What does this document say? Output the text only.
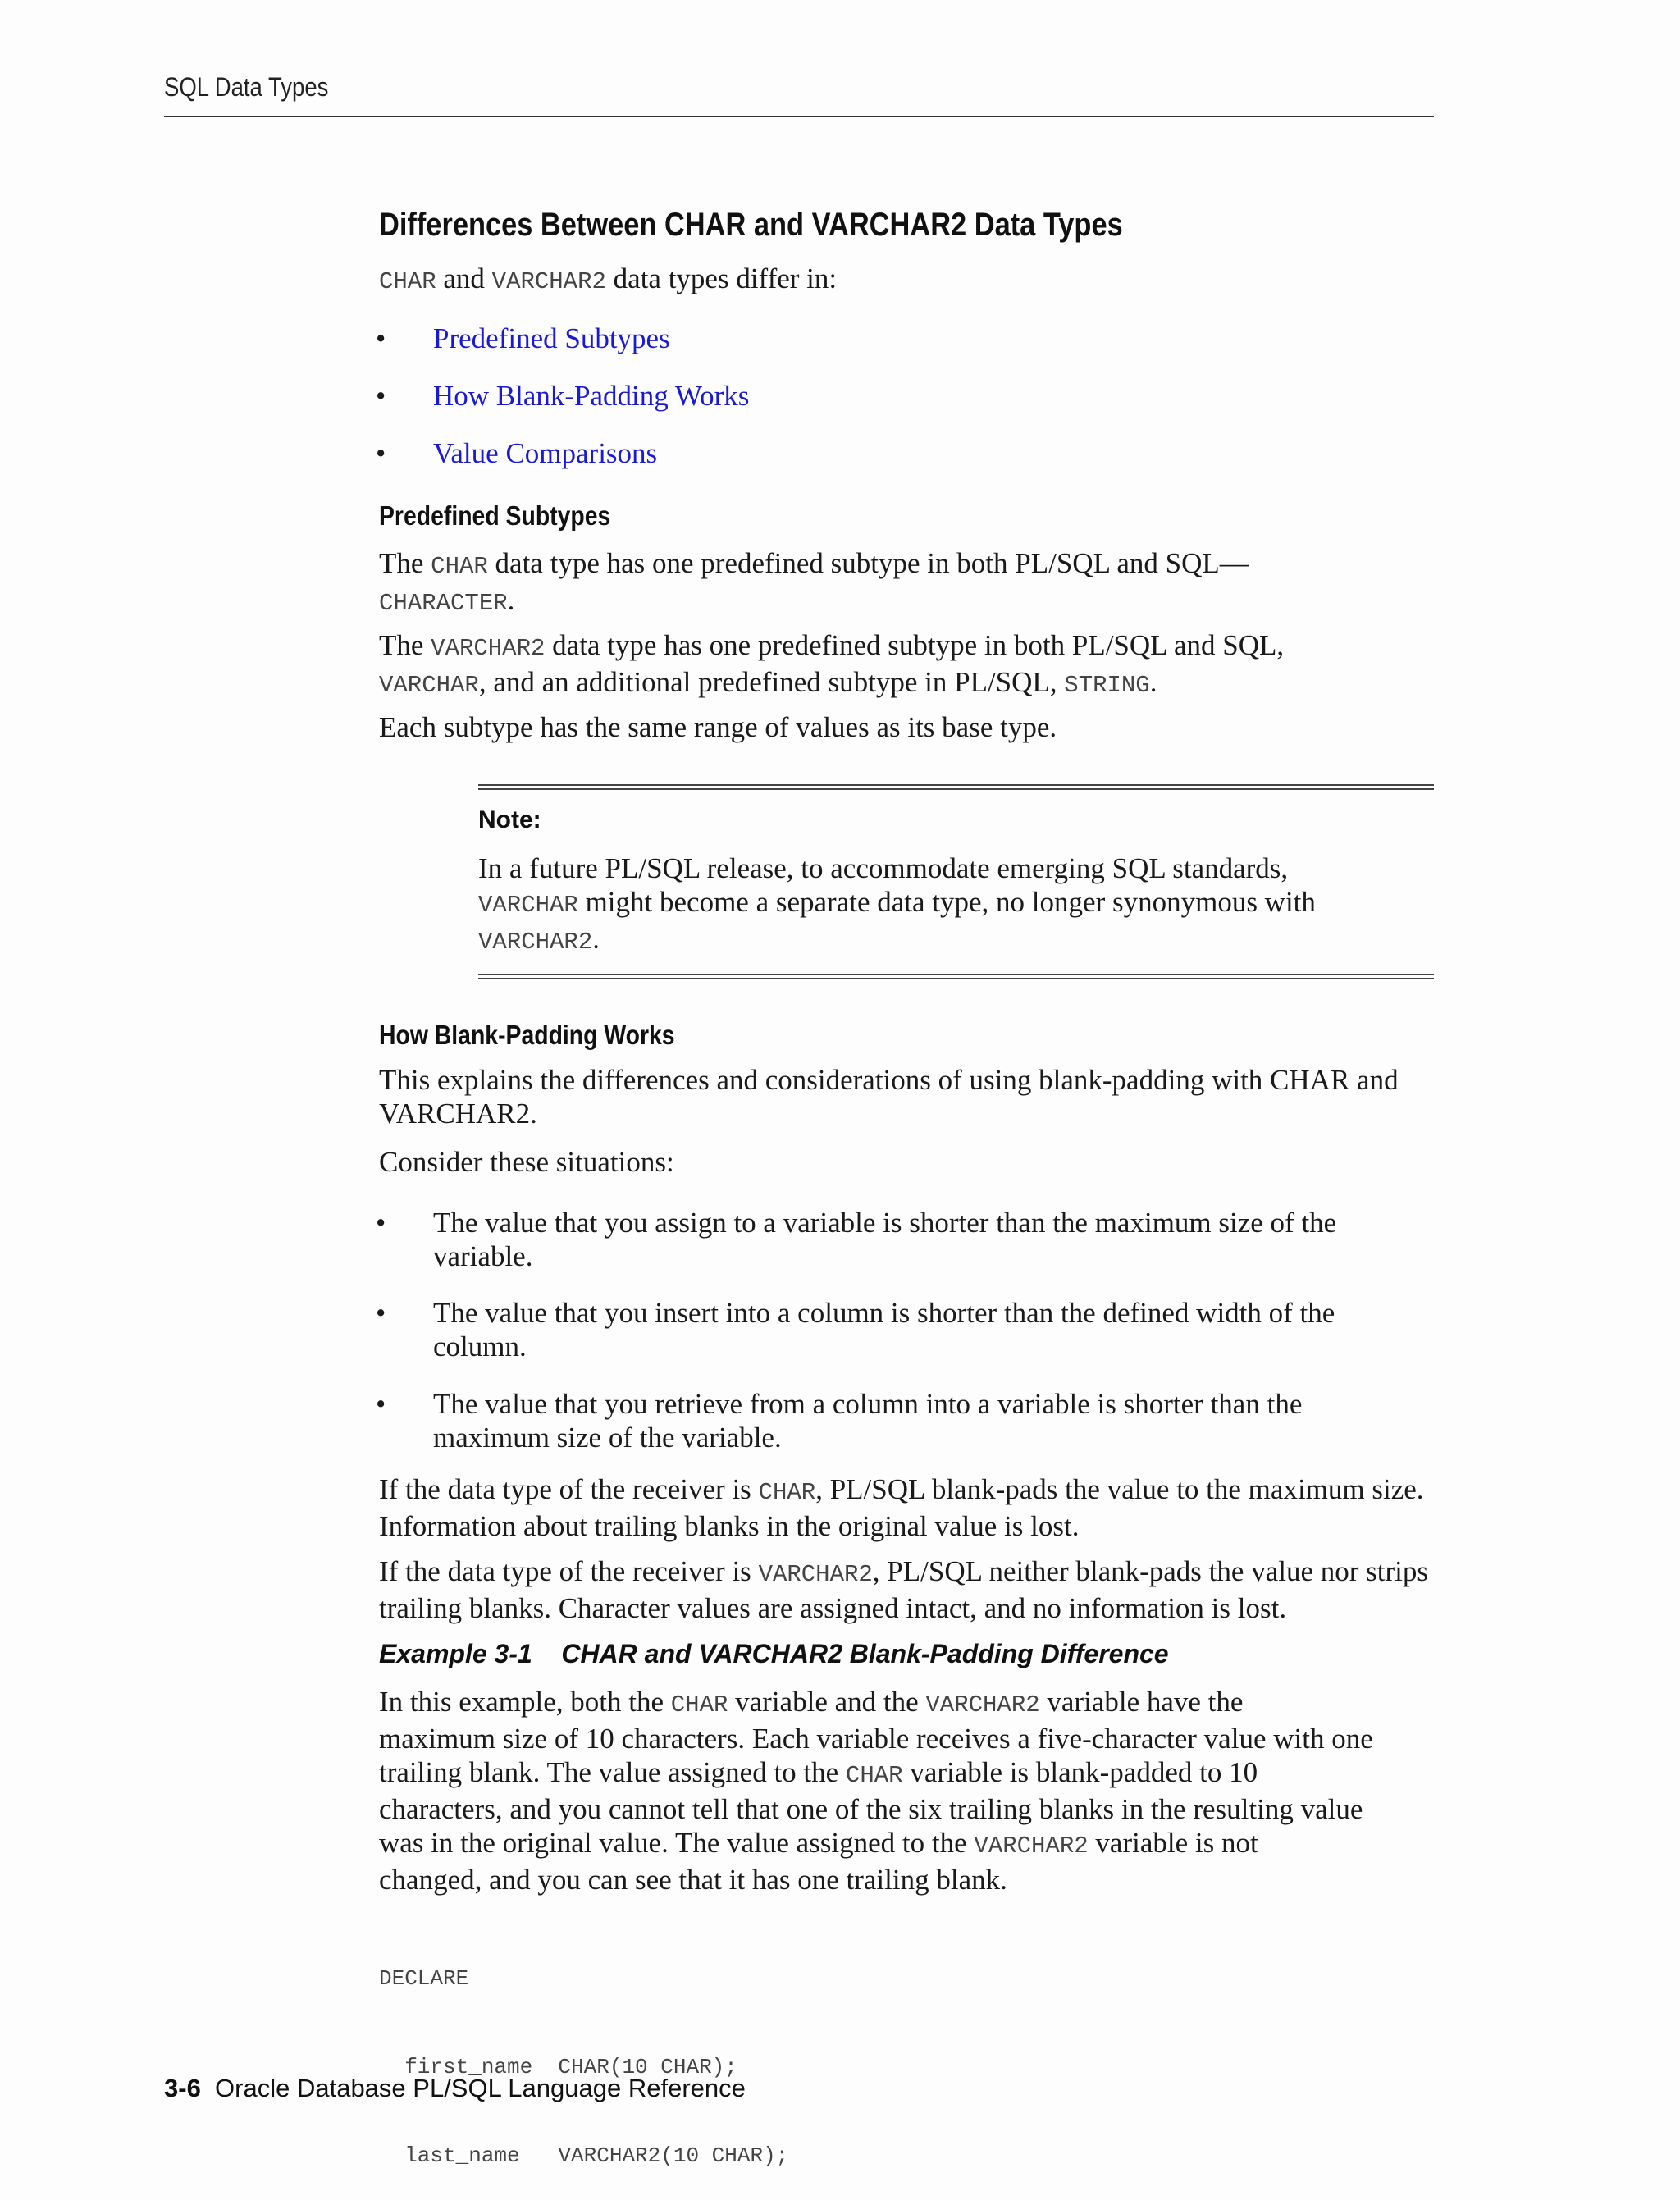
SQL Data Types
Differences Between CHAR and VARCHAR2 Data Types
CHAR and VARCHAR2 data types differ in:
• Predefined Subtypes
• How Blank-Padding Works
• Value Comparisons
Predefined Subtypes
The CHAR data type has one predefined subtype in both PL/SQL and SQL—
CHARACTER.
The VARCHAR2 data type has one predefined subtype in both PL/SQL and SQL,
VARCHAR, and an additional predefined subtype in PL/SQL, STRING.
Each subtype has the same range of values as its base type.
Note:
In a future PL/SQL release, to accommodate emerging SQL standards,
VARCHAR might become a separate data type, no longer synonymous with
VARCHAR2.
How Blank-Padding Works
This explains the differences and considerations of using blank-padding with CHAR and VARCHAR2.
Consider these situations:
• The value that you assign to a variable is shorter than the maximum size of the variable.
• The value that you insert into a column is shorter than the defined width of the column.
• The value that you retrieve from a column into a variable is shorter than the maximum size of the variable.
If the data type of the receiver is CHAR, PL/SQL blank-pads the value to the maximum size. Information about trailing blanks in the original value is lost.
If the data type of the receiver is VARCHAR2, PL/SQL neither blank-pads the value nor strips trailing blanks. Character values are assigned intact, and no information is lost.
Example 3-1    CHAR and VARCHAR2 Blank-Padding Difference
In this example, both the CHAR variable and the VARCHAR2 variable have the
maximum size of 10 characters. Each variable receives a five-character value with one
trailing blank. The value assigned to the CHAR variable is blank-padded to 10
characters, and you cannot tell that one of the six trailing blanks in the resulting value
was in the original value. The value assigned to the VARCHAR2 variable is not
changed, and you can see that it has one trailing blank.

DECLARE

first_name  CHAR(10 CHAR);

last_name   VARCHAR2(10 CHAR);

3-6 Oracle Database PL/SQL Language Reference
